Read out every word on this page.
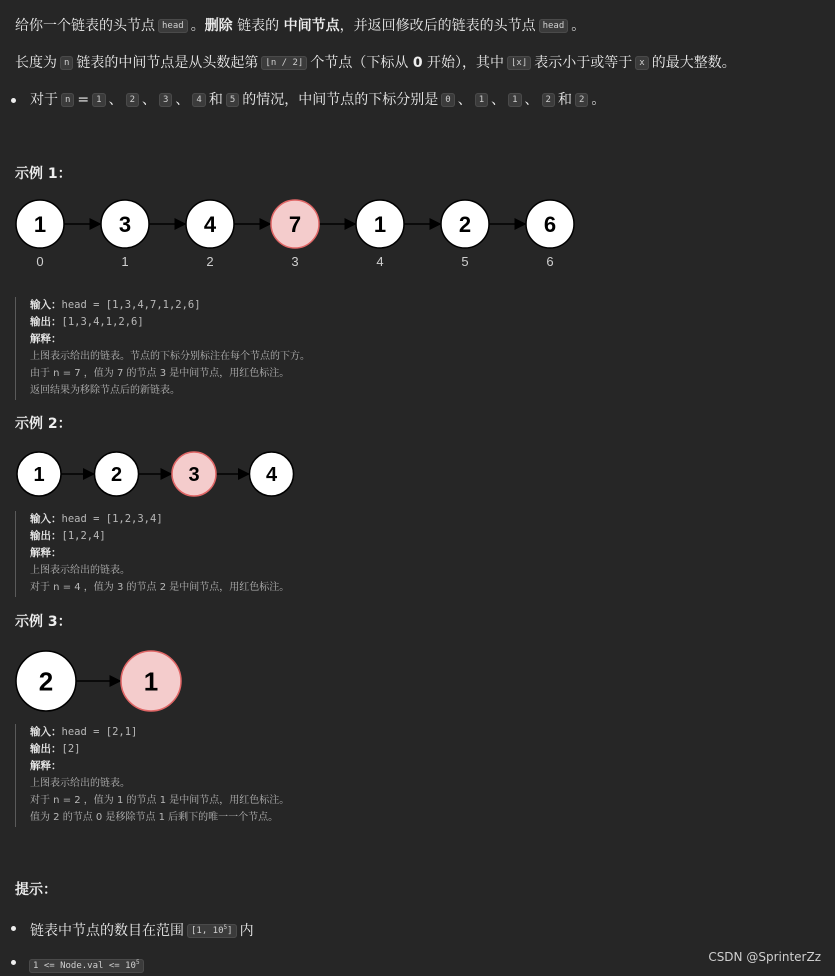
给你一个链表的头节点 head 。删除 链表的 中间节点，并返回修改后的链表的头节点 head 。
长度为 n 链表的中间节点是从头数起第 ⌊n / 2⌋ 个节点（下标从 0 开始），其中 ⌊x⌋ 表示小于或等于 x 的最大整数。
对于 n = 1 、 2 、 3 、 4 和 5 的情况，中间节点的下标分别是 0 、 1 、 1 、 2 和 2 。
示例 1：
1
0
3
1
4
2
7
3
1
4
2
5
6
6
输入：head = [1,3,4,7,1,2,6]
输出：[1,3,4,1,2,6]
解释：
上图表示给出的链表。节点的下标分别标注在每个节点的下方。
由于 n = 7 ，值为 7 的节点 3 是中间节点，用红色标注。
返回结果为移除节点后的新链表。
示例 2：
1	2	3	4
输入：head = [1,2,3,4]
输出：[1,2,4]
解释：
上图表示给出的链表。
对于 n = 4 ，值为 3 的节点 2 是中间节点，用红色标注。
示例 3：
2	1
输入：head = [2,1]
输出：[2]
解释：
上图表示给出的链表。
对于 n = 2 ，值为 1 的节点 1 是中间节点，用红色标注。
值为 2 的节点 0 是移除节点 1 后剩下的唯一一个节点。
提示：
链表中节点的数目在范围 [1, $10^5$] 内
1 <= Node.val <= $10^5$	CSDN @SprinterZz
